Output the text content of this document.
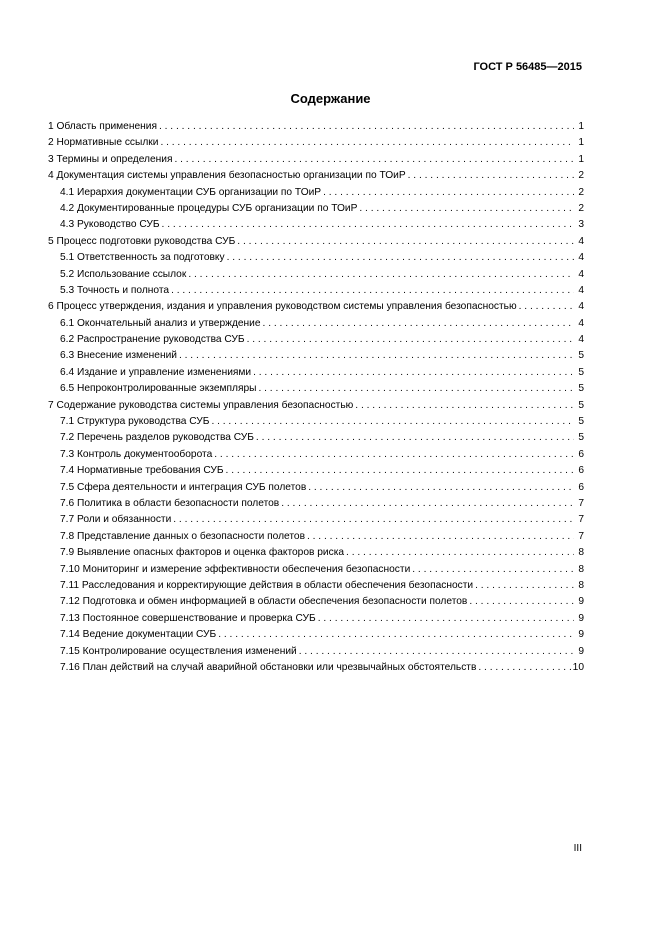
ГОСТ Р 56485—2015
Содержание
1 Область применения . . .	1
2 Нормативные ссылки . . .	1
3 Термины и определения . . .	1
4 Документация системы управления безопасностью организации по ТОиР . . .	2
4.1 Иерархия документации СУБ организации по ТОиР . . .	2
4.2 Документированные процедуры СУБ организации по ТОиР . . .	2
4.3 Руководство СУБ . . .	3
5 Процесс подготовки руководства СУБ . . .	4
5.1 Ответственность за подготовку . . .	4
5.2 Использование ссылок . . .	4
5.3 Точность и полнота . . .	4
6 Процесс утверждения, издания и управления руководством системы управления безопасностью . . .	4
6.1 Окончательный анализ и утверждение . . .	4
6.2 Распространение руководства СУБ . . .	4
6.3 Внесение изменений . . .	5
6.4 Издание и управление изменениями . . .	5
6.5 Непроконтролированные экземпляры . . .	5
7 Содержание руководства системы управления безопасностью . . .	5
7.1 Структура руководства СУБ . . .	5
7.2 Перечень разделов руководства СУБ . . .	5
7.3 Контроль документооборота . . .	6
7.4 Нормативные требования СУБ . . .	6
7.5 Сфера деятельности и интеграция СУБ полетов . . .	6
7.6 Политика в области безопасности полетов . . .	7
7.7 Роли и обязанности . . .	7
7.8 Представление данных о безопасности полетов . . .	7
7.9 Выявление опасных факторов и оценка факторов риска . . .	8
7.10 Мониторинг и измерение эффективности обеспечения безопасности . . .	8
7.11 Расследования и корректирующие действия в области обеспечения безопасности . . .	8
7.12 Подготовка и обмен информацией в области обеспечения безопасности полетов . . .	9
7.13 Постоянное совершенствование и проверка СУБ . . .	9
7.14 Ведение документации СУБ . . .	9
7.15 Контролирование осуществления изменений . . .	9
7.16 План действий на случай аварийной обстановки или чрезвычайных обстоятельств . . .	10
III
